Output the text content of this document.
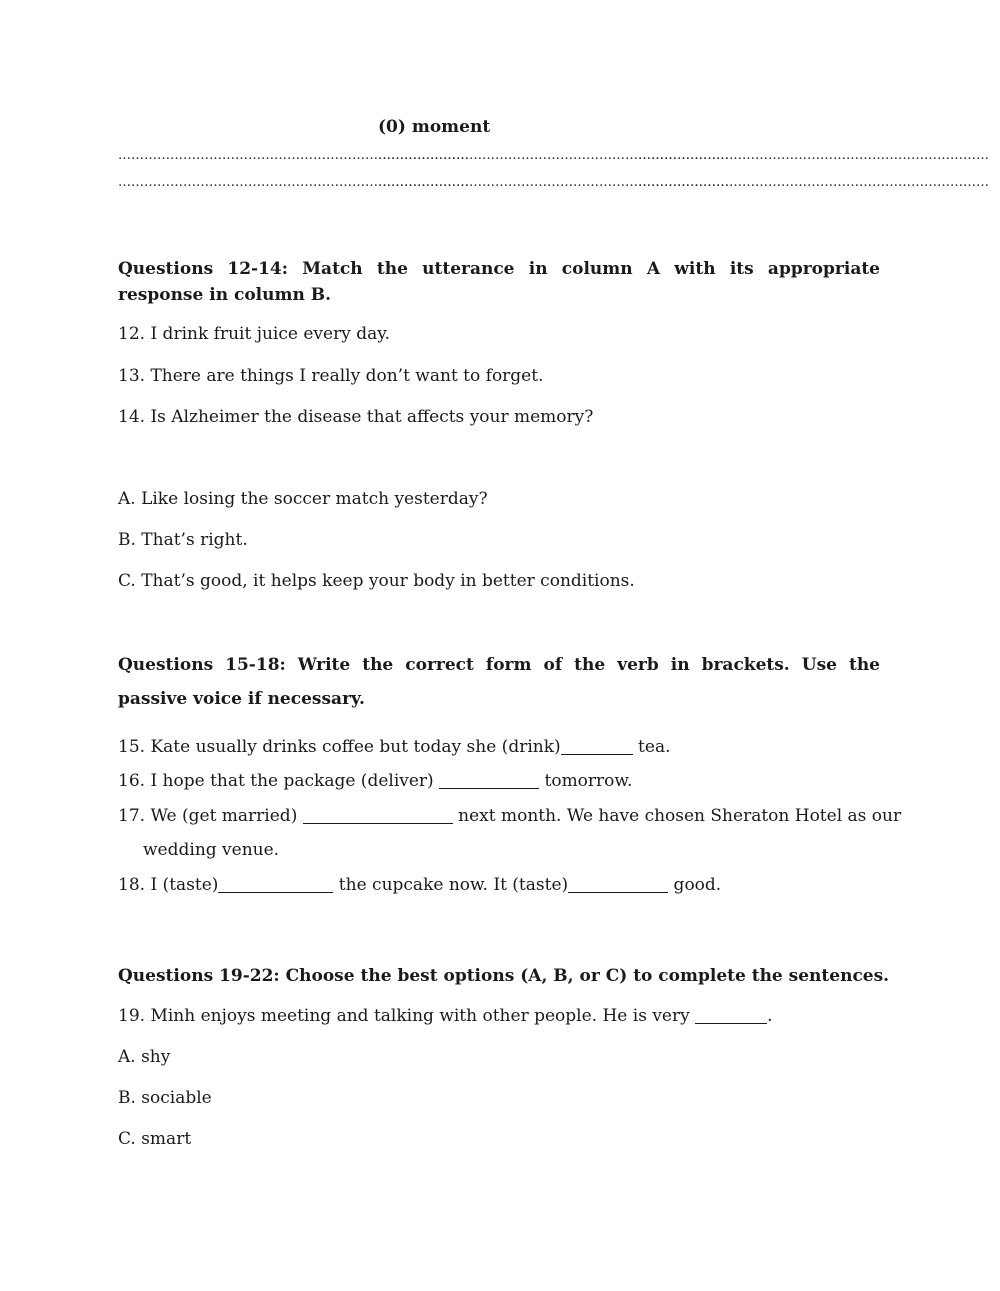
(0) moment
………………………………………………………………………
………………………………………………………………………
………………………………………………………………………
………………………………………………………………………
………………………………………………………………………
………………………………………………………………………
Questions 12-14: Match the utterance in column A with its appropriate response in column B.
12. I drink fruit juice every day.
13. There are things I really don’t want to forget.
14. Is Alzheimer the disease that affects your memory?
A. Like losing the soccer match yesterday?
B. That’s right.
C. That’s good, it helps keep your body in better conditions.
Questions 15-18: Write the correct form of the verb in brackets. Use the passive voice if necessary.
15. Kate usually drinks coffee but today she (drink)	tea.
16. I hope that the package (deliver)	tomorrow.
17. We (get married)	next month. We have chosen Sheraton Hotel as our
wedding venue.
18. I (taste)	the cupcake now. It (taste)	good.
Questions 19-22: Choose the best options (A, B, or C) to complete the sentences.
19. Minh enjoys meeting and talking with other people. He is very	.
A. shy
B. sociable
C. smart
